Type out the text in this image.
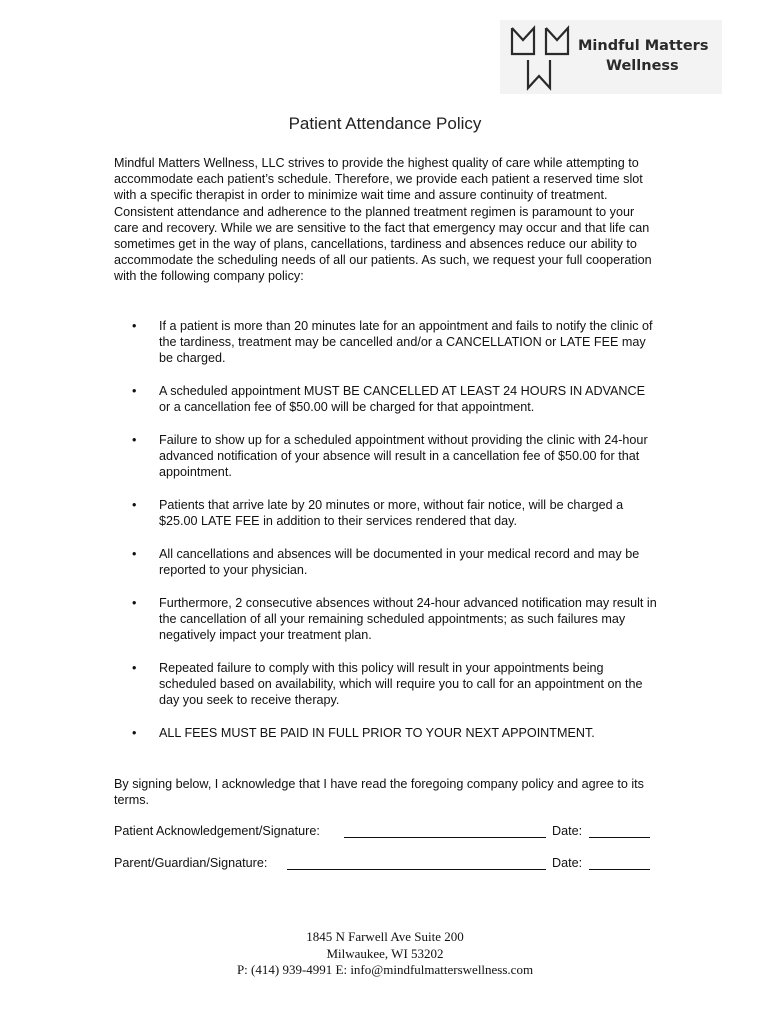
Mindful Matters
Wellness
Patient Attendance Policy

Mindful Matters Wellness, LLC strives to provide the highest quality of care while attempting to accommodate each patient’s schedule. Therefore, we provide each patient a reserved time slot with a specific therapist in order to minimize wait time and assure continuity of treatment. Consistent attendance and adherence to the planned treatment regimen is paramount to your care and recovery. While we are sensitive to the fact that emergency may occur and that life can sometimes get in the way of plans, cancellations, tardiness and absences reduce our ability to accommodate the scheduling needs of all our patients. As such, we request your full cooperation with the following company policy:

• If a patient is more than 20 minutes late for an appointment and fails to notify the clinic of the tardiness, treatment may be cancelled and/or a CANCELLATION or LATE FEE may be charged.
• A scheduled appointment MUST BE CANCELLED AT LEAST 24 HOURS IN ADVANCE or a cancellation fee of $50.00 will be charged for that appointment.
• Failure to show up for a scheduled appointment without providing the clinic with 24-hour advanced notification of your absence will result in a cancellation fee of $50.00 for that appointment.
• Patients that arrive late by 20 minutes or more, without fair notice, will be charged a $25.00 LATE FEE in addition to their services rendered that day.
• All cancellations and absences will be documented in your medical record and may be reported to your physician.
• Furthermore, 2 consecutive absences without 24-hour advanced notification may result in the cancellation of all your remaining scheduled appointments; as such failures may negatively impact your treatment plan.
• Repeated failure to comply with this policy will result in your appointments being scheduled based on availability, which will require you to call for an appointment on the day you seek to receive therapy.
• ALL FEES MUST BE PAID IN FULL PRIOR TO YOUR NEXT APPOINTMENT.

By signing below, I acknowledge that I have read the foregoing company policy and agree to its terms.

Patient Acknowledgement/Signature:	Date:
Parent/Guardian/Signature:	Date:
1845 N Farwell Ave Suite 200
Milwaukee, WI 53202
P: (414) 939-4991 E: info@mindfulmatterswellness.com
